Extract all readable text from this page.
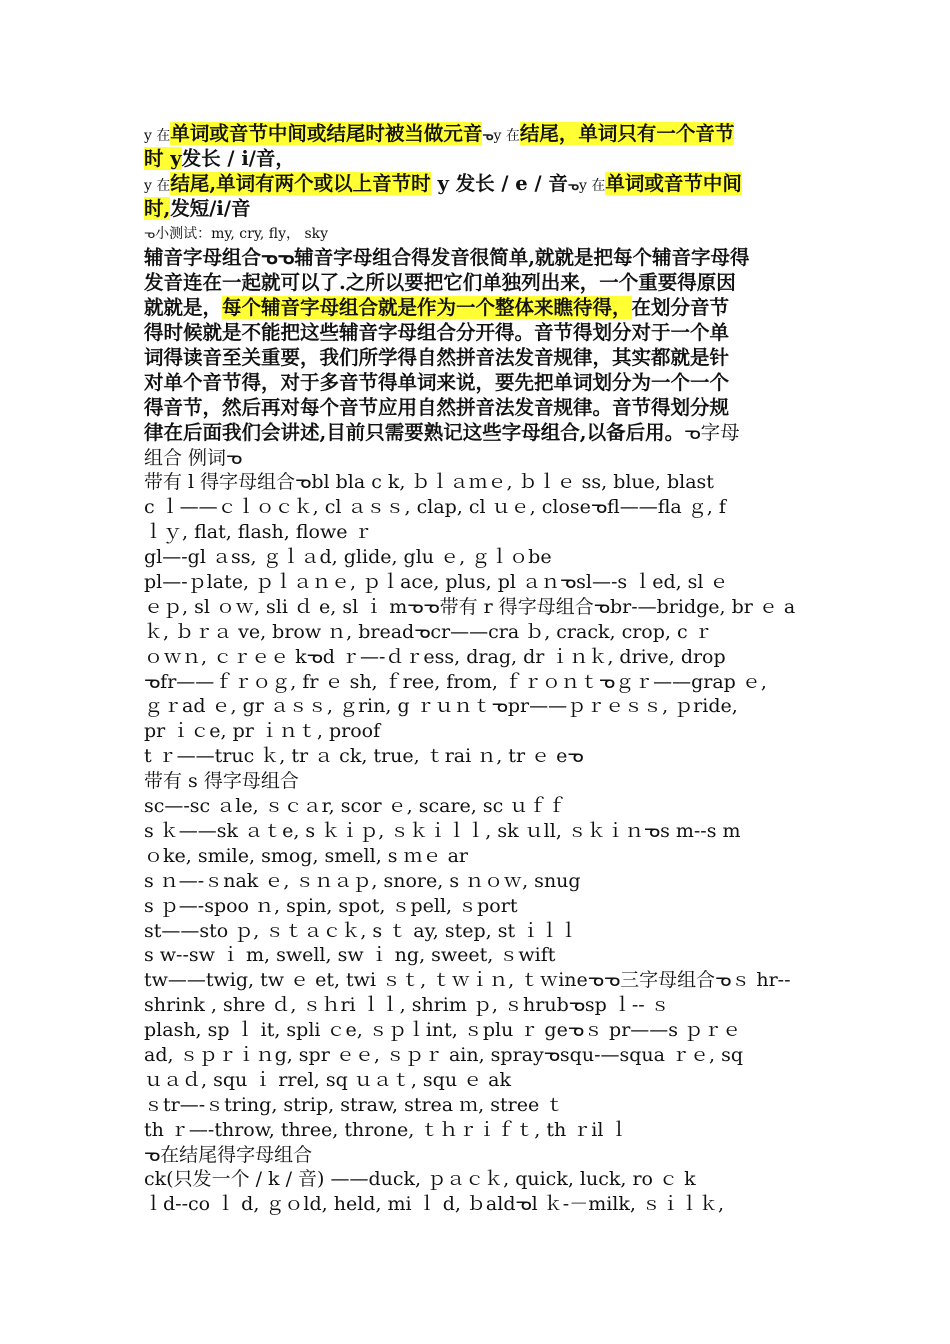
y 在单词或音节中间或结尾时被当做元音ᓀy 在结尾，单词只有一个音节
时 y发长 / i/音，
y 在结尾,单词有两个或以上音节时 y 发长 / e / 音ᓀy 在单词或音节中间
时,发短/i/音
ᓀ小测试：my, cry, fly， sky
辅音字母组合ᓀᓀ辅音字母组合得发音很简单,就就是把每个辅音字母得
发音连在一起就可以了.之所以要把它们单独列出来，一个重要得原因
就就是，每个辅音字母组合就是作为一个整体来瞧待得，在划分音节
得时候就是不能把这些辅音字母组合分开得。音节得划分对于一个单
词得读音至关重要，我们所学得自然拼音法发音规律，其实都就是针
对单个音节得，对于多音节得单词来说，要先把单词划分为一个一个
得音节，然后再对每个音节应用自然拼音法发音规律。音节得划分规
律在后面我们会讲述,目前只需要熟记这些字母组合,以备后用。ᓀ字母
组合 例词ᓀ
带有 l 得字母组合ᓀbl bla c k, ｂｌａｍｅ, ｂｌｅ ss, blue, blast
c ｌ——ｃｌｏｃｋ, cl ａｓｓ, clap, cl ｕｅ, closeᓀfl——fla ｇ, f
ｌｙ, flat, flash, flowe ｒ
gl—-gl ａss, ｇｌａd, glide, glu ｅ, ｇｌｏbe
pl—-ｐlate, ｐｌａｎｅ, ｐｌace, plus, pl ａｎᓀsl—-s ｌed, sl ｅ
ｅｐ, sl ｏｗ, sli ｄ e, sl ｉ mᓀᓀ带有 r 得字母组合ᓀbr-—bridge, br ｅ a
ｋ, ｂｒａ ve, brow ｎ, breadᓀcr——cra ｂ, crack, crop, c ｒ
ｏｗｎ, ｃｒｅｅ kᓀd ｒ—-ｄｒess, drag, dr ｉｎｋ, drive, drop
ᓀfr——ｆｒｏｇ, fr ｅ sh, ｆree, from, ｆｒｏｎｔᓀｇｒ——grap ｅ,
ｇｒad ｅ, gr ａｓｓ, ｇrin, g ｒｕｎｔᓀpr——ｐｒｅｓｓ, ｐride,
pr ｉｃe, pr ｉｎｔ, proof
t ｒ——truc ｋ, tr ａ ck, true, ｔrai ｎ, tr ｅ eᓀ
带有 s 得字母组合
sc—-sc ａle, ｓｃａr, scor ｅ, scare, sc ｕｆｆ
s ｋ——sk ａｔe, s ｋｉｐ, ｓｋｉｌｌ, sk ｕll, ｓｋｉｎᓀs m--s m
ｏke, smile, smog, smell, s ｍｅ ar
s ｎ—-ｓnak ｅ, ｓｎａｐ, snore, s ｎｏｗ, snug
s ｐ—-spoo ｎ, spin, spot, ｓpell, ｓport
st——sto ｐ, ｓｔａｃｋ, s ｔ ay, step, st ｉｌｌ
s w--sw ｉ m, swell, sw ｉ ng, sweet, ｓwift
tw——twig, tw ｅ et, twi ｓｔ, ｔｗｉｎ, ｔｗineᓀᓀ三字母组合ᓀｓ hr--
shrink , shre ｄ, ｓｈri ｌｌ, shrim ｐ, ｓhrubᓀsp ｌ-- ｓ
plash, sp ｌ it, spli ｃe, ｓｐｌint, ｓplu ｒ geᓀｓ pr——s ｐｒｅ
ad, ｓｐｒｉｎg, spr ｅｅ, ｓｐｒ ain, sprayᓀsqu-—squa ｒｅ, sq
ｕａｄ, squ ｉ rrel, sq ｕａｔ, squ ｅ ak
ｓtr—-ｓtring, strip, straw, strea ｍ, stree ｔ
th ｒ—-throw, three, throne, ｔｈｒｉｆｔ, th ｒil ｌ
ᓀ在结尾得字母组合
ck(只发一个 / k / 音) ——duck, ｐａｃｋ, quick, luck, ro ｃ k
ｌd--co ｌ d, ｇｏld, held, mi ｌ d, ｂaldᓀl ｋ-－milk, ｓｉｌｋ,
